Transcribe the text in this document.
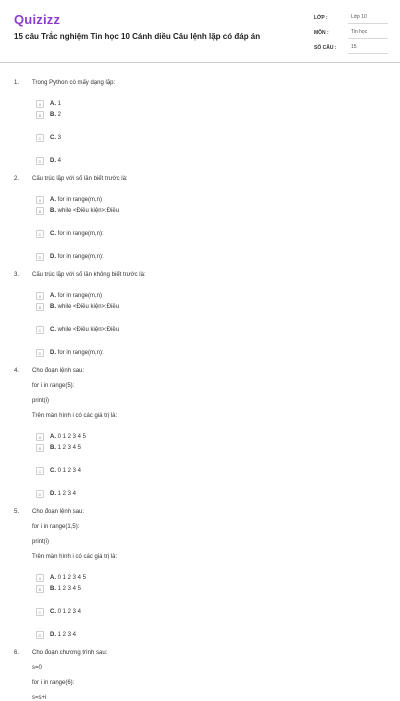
Quizizz
15 câu Trắc nghiệm Tin học 10 Cánh diều Câu lệnh lặp có đáp án
LỚP :	Lớp 10
MÔN :	Tin học
SỐ CÂU :	15
1.	Trong Python có mấy dạng lặp:
A	A. 1
B	B. 2
C	C. 3
D	D. 4
2.	Cấu trúc lặp với số lần biết trước là:
A	A. for in range(m,n)
B	B. while <Điều kiện>:Điều
C	C. for in range(m,n):
D	D. for in range(m,n):
3.	Cấu trúc lặp với số lần không biết trước là:
A	A. for in range(m,n)
B	B. while <Điều kiện>:Điều
C	C. while <Điều kiện>:Điều
D	D. for in range(m,n):
4.	Cho đoạn lệnh sau:
for i in range(5):
print(i)
Trên màn hình i có các giá trị là:
A	A. 0 1 2 3 4 5
B	B. 1 2 3 4 5
C	C. 0 1 2 3 4
D	D. 1 2 3 4
5.	Cho đoạn lệnh sau:
for i in range(1,5):
print(i)
Trên màn hình i có các giá trị là:
A	A. 0 1 2 3 4 5
B	B. 1 2 3 4 5
C	C. 0 1 2 3 4
D	D. 1 2 3 4
6.	Cho đoạn chương trình sau:
s=0
for i in range(6):
s=s+i
